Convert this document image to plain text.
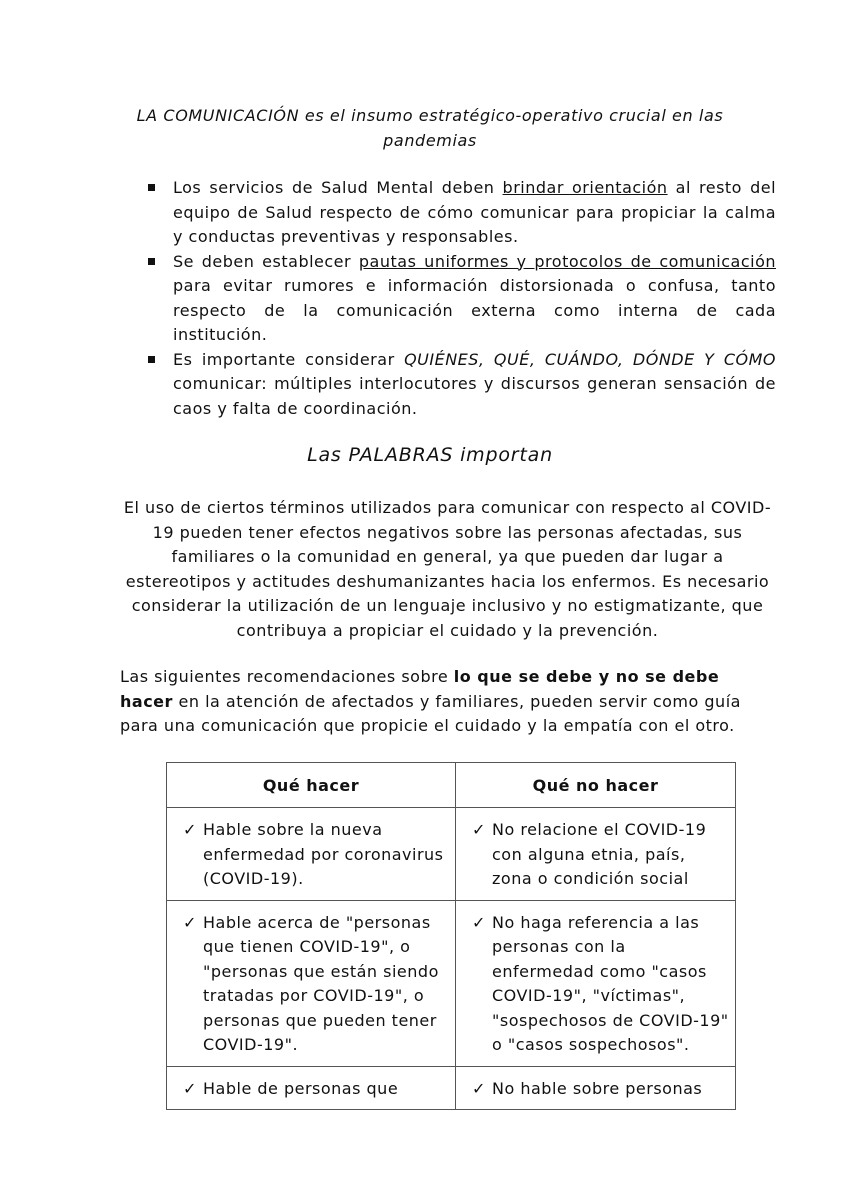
LA COMUNICACIÓN es el insumo estratégico-operativo crucial en las pandemias
Los servicios de Salud Mental deben brindar orientación al resto del equipo de Salud respecto de cómo comunicar para propiciar la calma y conductas preventivas y responsables.
Se deben establecer pautas uniformes y protocolos de comunicación para evitar rumores e información distorsionada o confusa, tanto respecto de la comunicación externa como interna de cada institución.
Es importante considerar QUIÉNES, QUÉ, CUÁNDO, DÓNDE Y CÓMO comunicar: múltiples interlocutores y discursos generan sensación de caos y falta de coordinación.
Las PALABRAS importan

El uso de ciertos términos utilizados para comunicar con respecto al COVID-19 pueden tener efectos negativos sobre las personas afectadas, sus familiares o la comunidad en general, ya que pueden dar lugar a estereotipos y actitudes deshumanizantes hacia los enfermos. Es necesario considerar la utilización de un lenguaje inclusivo y no estigmatizante, que contribuya a propiciar el cuidado y la prevención.

Las siguientes recomendaciones sobre lo que se debe y no se debe hacer en la atención de afectados y familiares, pueden servir como guía para una comunicación que propicie el cuidado y la empatía con el otro.

Qué hacer	Qué no hacer

✓ Hable sobre la nueva enfermedad por coronavirus (COVID-19).	✓ No relacione el COVID-19 con alguna etnia, país, zona o condición social

✓ Hable acerca de "personas que tienen COVID-19", o "personas que están siendo tratadas por COVID-19", o personas que pueden tener COVID-19".	✓ No haga referencia a las personas con la enfermedad como "casos COVID-19", "víctimas", "sospechosos de COVID-19" o "casos sospechosos".

✓ Hable de personas que	✓ No hable sobre personas
